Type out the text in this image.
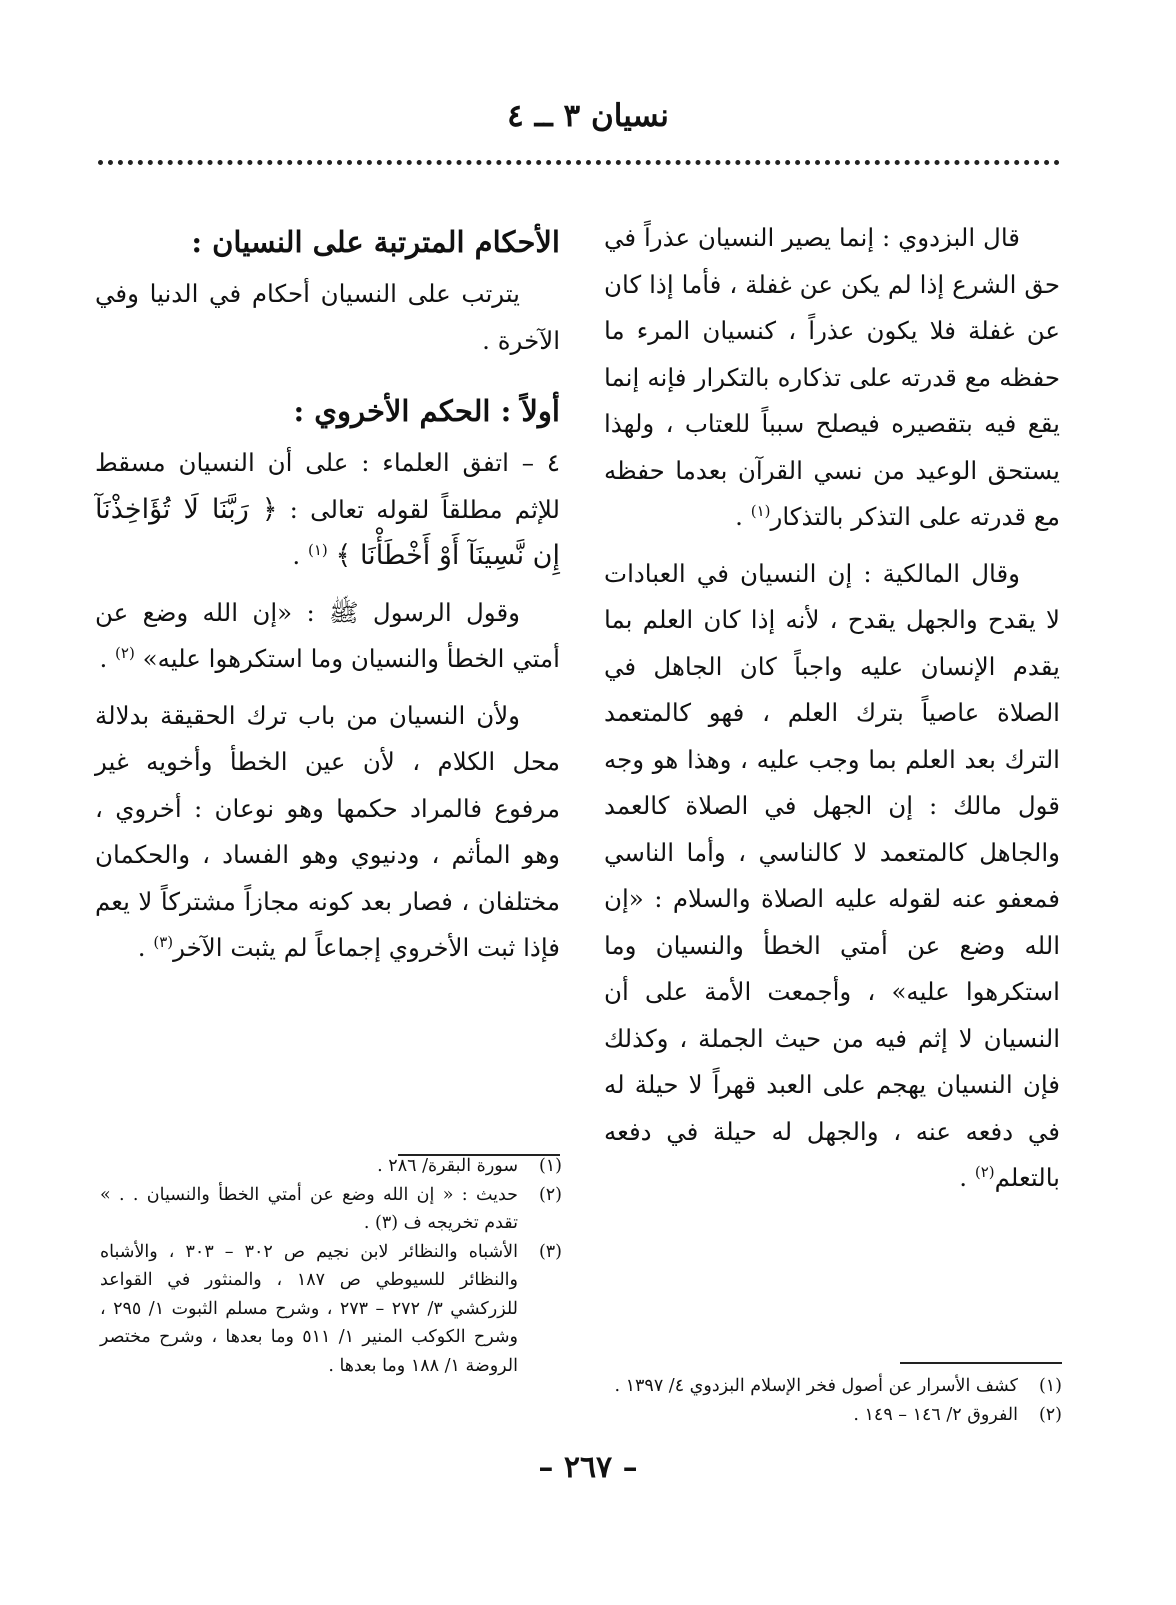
نسيان ٣ ــ ٤

قال البزدوي : إنما يصير النسيان عذراً في حق الشرع إذا لم يكن عن غفلة ، فأما إذا كان عن غفلة فلا يكون عذراً ، كنسيان المرء ما حفظه مع قدرته على تذكاره بالتكرار فإنه إنما يقع فيه بتقصيره فيصلح سبباً للعتاب ، ولهذا يستحق الوعيد من نسي القرآن بعدما حفظه مع قدرته على التذكر بالتذكار$^{(١)}$ .

وقال المالكية : إن النسيان في العبادات لا يقدح والجهل يقدح ، لأنه إذا كان العلم بما يقدم الإنسان عليه واجباً كان الجاهل في الصلاة عاصياً بترك العلم ، فهو كالمتعمد الترك بعد العلم بما وجب عليه ، وهذا هو وجه قول مالك : إن الجهل في الصلاة كالعمد والجاهل كالمتعمد لا كالناسي ، وأما الناسي فمعفو عنه لقوله عليه الصلاة والسلام : «إن الله وضع عن أمتي الخطأ والنسيان وما استكرهوا عليه» ، وأجمعت الأمة على أن النسيان لا إثم فيه من حيث الجملة ، وكذلك فإن النسيان يهجم على العبد قهراً لا حيلة له في دفعه عنه ، والجهل له حيلة في دفعه بالتعلم$^{(٢)}$ .

الأحكام المترتبة على النسيان :

يترتب على النسيان أحكام في الدنيا وفي الآخرة .

أولاً : الحكم الأخروي :

٤ – اتفق العلماء : على أن النسيان مسقط للإثم مطلقاً لقوله تعالى : ﴿ رَبَّنَا لَا تُؤَاخِذْنَآ إِن نَّسِينَآ أَوْ أَخْطَأْنَا ﴾ $^{(١)}$ .

وقول الرسول ﷺ : «إن الله وضع عن أمتي الخطأ والنسيان وما استكرهوا عليه» $^{(٢)}$ .

ولأن النسيان من باب ترك الحقيقة بدلالة محل الكلام ، لأن عين الخطأ وأخويه غير مرفوع فالمراد حكمها وهو نوعان : أخروي ، وهو المأثم ، ودنيوي وهو الفساد ، والحكمان مختلفان ، فصار بعد كونه مجازاً مشتركاً لا يعم فإذا ثبت الأخروي إجماعاً لم يثبت الآخر$^{(٣)}$ .

(١)
سورة البقرة/ ٢٨٦ .

(٢)
حديث : « إن الله وضع عن أمتي الخطأ والنسيان . . » تقدم تخريجه ف (٣) .

(٣)
الأشباه والنظائر لابن نجيم ص ٣٠٢ – ٣٠٣ ، والأشباه والنظائر للسيوطي ص ١٨٧ ، والمنثور في القواعد للزركشي ٣/ ٢٧٢ – ٢٧٣ ، وشرح مسلم الثبوت ١/ ٢٩٥ ، وشرح الكوكب المنير ١/ ٥١١ وما بعدها ، وشرح مختصر الروضة ١/ ١٨٨ وما بعدها .

(١)
كشف الأسرار عن أصول فخر الإسلام البزدوي ٤/ ١٣٩٧ .

(٢)
الفروق ٢/ ١٤٦ – ١٤٩ .

– ٢٦٧ –
